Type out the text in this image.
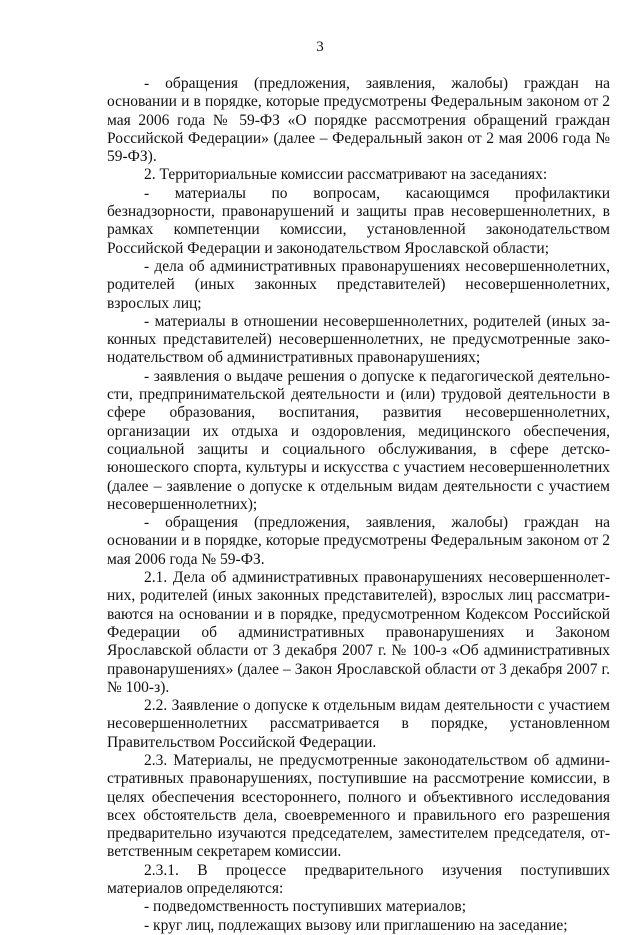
3

- обращения (предложения, заявления, жалобы) граждан на основании и в порядке, которые предусмотрены Федеральным законом от 2 мая 2006 года № 59-ФЗ «О порядке рассмотрения обращений граждан Российской Федерации» (далее – Федеральный закон от 2 мая 2006 года № 59-ФЗ).

2. Территориальные комиссии рассматривают на заседаниях:

- материалы по вопросам, касающимся профилактики безнадзорности, правонарушений и защиты прав несовершеннолетних, в рамках компетенции комиссии, установленной законодательством Российской Федерации и законодательством Ярославской области;

- дела об административных правонарушениях несовершеннолетних, родителей (иных законных представителей) несовершеннолетних, взрослых лиц;

- материалы в отношении несовершеннолетних, родителей (иных законных представителей) несовершеннолетних, не предусмотренные законодательством об административных правонарушениях;

- заявления о выдаче решения о допуске к педагогической деятельности, предпринимательской деятельности и (или) трудовой деятельности в сфере образования, воспитания, развития несовершеннолетних, организации их отдыха и оздоровления, медицинского обеспечения, социальной защиты и социального обслуживания, в сфере детско-юношеского спорта, культуры и искусства с участием несовершеннолетних (далее – заявление о допуске к отдельным видам деятельности с участием несовершеннолетних);

- обращения (предложения, заявления, жалобы) граждан на основании и в порядке, которые предусмотрены Федеральным законом от 2 мая 2006 года № 59-ФЗ.

2.1. Дела об административных правонарушениях несовершеннолетних, родителей (иных законных представителей), взрослых лиц рассматриваются на основании и в порядке, предусмотренном Кодексом Российской Федерации об административных правонарушениях и Законом Ярославской области от 3 декабря 2007 г. № 100-з «Об административных правонарушениях» (далее – Закон Ярославской области от 3 декабря 2007 г. № 100-з).

2.2. Заявление о допуске к отдельным видам деятельности с участием несовершеннолетних рассматривается в порядке, установленном Правительством Российской Федерации.

2.3. Материалы, не предусмотренные законодательством об административных правонарушениях, поступившие на рассмотрение комиссии, в целях обеспечения всестороннего, полного и объективного исследования всех обстоятельств дела, своевременного и правильного его разрешения предварительно изучаются председателем, заместителем председателя, ответственным секретарем комиссии.

2.3.1. В процессе предварительного изучения поступивших материалов определяются:

- подведомственность поступивших материалов;

- круг лиц, подлежащих вызову или приглашению на заседание;
